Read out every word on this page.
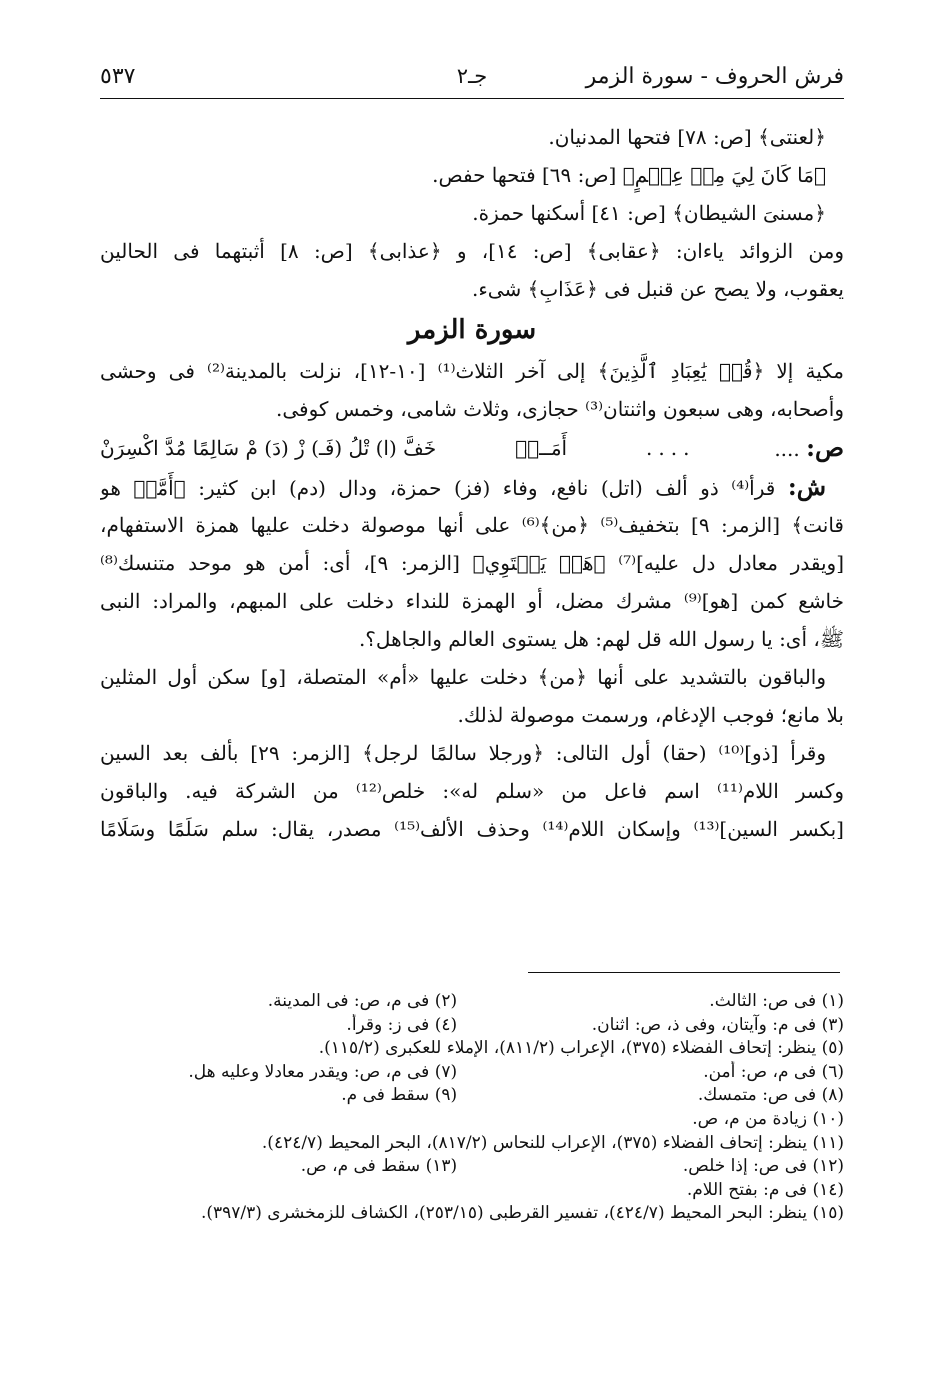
فرش الحروف - سورة الزمر
جـ٢
٥٣٧
﴿لعنتى﴾ [ص: ٧٨] فتحها المدنيان.
﴿مَا كَانَ لِيَ مِنۡ عِلۡمٍ﴾ [ص: ٦٩] فتحها حفص.
﴿مسنىَ الشيطان﴾ [ص: ٤١] أسكنها حمزة.
ومن الزوائد ياءان: ﴿عقابى﴾ [ص: ١٤]، و ﴿عذابى﴾ [ص: ٨] أثبتهما فى الحالين
يعقوب، ولا يصح عن قنبل فى ﴿عَذَابِ﴾ شىء.
سورة الزمر
مكية إلا ﴿قُلۡ يَٰعِبَادِ ٱلَّذِينَ﴾ إلى آخر الثلاث⁽¹⁾ [١٠-١٢]، نزلت بالمدينة⁽²⁾ فى وحشى
وأصحابه، وهى سبعون واثنتان⁽³⁾ حجازى، وثلاث شامى، وخمس كوفى.
ص: ....
....
أَمَــنۡ
خَفَّ (ا) تْلُ (فَـ) زْ (دَ) مْ سَالِمًا مُدَّ اكْسِرَنْ
ش: قرأ⁽⁴⁾ ذو ألف (اتل) نافع، وفاء (فز) حمزة، ودال (دم) ابن كثير: ﴿أَمَّنۡ هو
قانت﴾ [الزمر: ٩] بتخفيف⁽⁵⁾ ﴿من﴾⁽⁶⁾ على أنها موصولة دخلت عليها همزة الاستفهام،
[ويقدر معادل دل عليه]⁽⁷⁾ ﴿هَلۡ يَسۡتَوِي﴾ [الزمر: ٩]، أى: أمن هو موحد متنسك⁽⁸⁾
خاشع كمن [هو]⁽⁹⁾ مشرك مضل، أو الهمزة للنداء دخلت على المبهم، والمراد: النبى
ﷺ، أى: يا رسول الله قل لهم: هل يستوى العالم والجاهل؟.
والباقون بالتشديد على أنها ﴿من﴾ دخلت عليها «أم» المتصلة، [و] سكن أول المثلين
بلا مانع؛ فوجب الإدغام، ورسمت موصولة لذلك.
وقرأ [ذو]⁽¹⁰⁾ (حقا) أول التالى: ﴿ورجلا سالمًا لرجل﴾ [الزمر: ٢٩] بألف بعد السين
وكسر اللام⁽¹¹⁾ اسم فاعل من «سلم له»: خلص⁽¹²⁾ من الشركة فيه. والباقون
[بكسر السين]⁽¹³⁾ وإسكان اللام⁽¹⁴⁾ وحذف الألف⁽¹⁵⁾ مصدر، يقال: سلم سَلَمًا وسَلَامًا
(١) فى ص: الثالث.
(٢) فى م، ص: فى المدينة.
(٣) فى م: وآيتان، وفى ذ، ص: اثنان.
(٤) فى ز: وقرأ.
(٥) ينظر: إتحاف الفضلاء (٣٧٥)، الإعراب (٨١١/٢)، الإملاء للعكبرى (١١٥/٢).
(٦) فى م، ص: أمن.
(٧) فى م، ص: ويقدر معادلا وعليه هل.
(٨) فى ص: متمسك.
(٩) سقط فى م.
(١٠) زيادة من م، ص.
(١١) ينظر: إتحاف الفضلاء (٣٧٥)، الإعراب للنحاس (٨١٧/٢)، البحر المحيط (٤٢٤/٧).
(١٢) فى ص: إذا خلص.
(١٣) سقط فى م، ص.
(١٤) فى م: بفتح اللام.
(١٥) ينظر: البحر المحيط (٤٢٤/٧)، تفسير القرطبى (٢٥٣/١٥)، الكشاف للزمخشرى (٣٩٧/٣).
